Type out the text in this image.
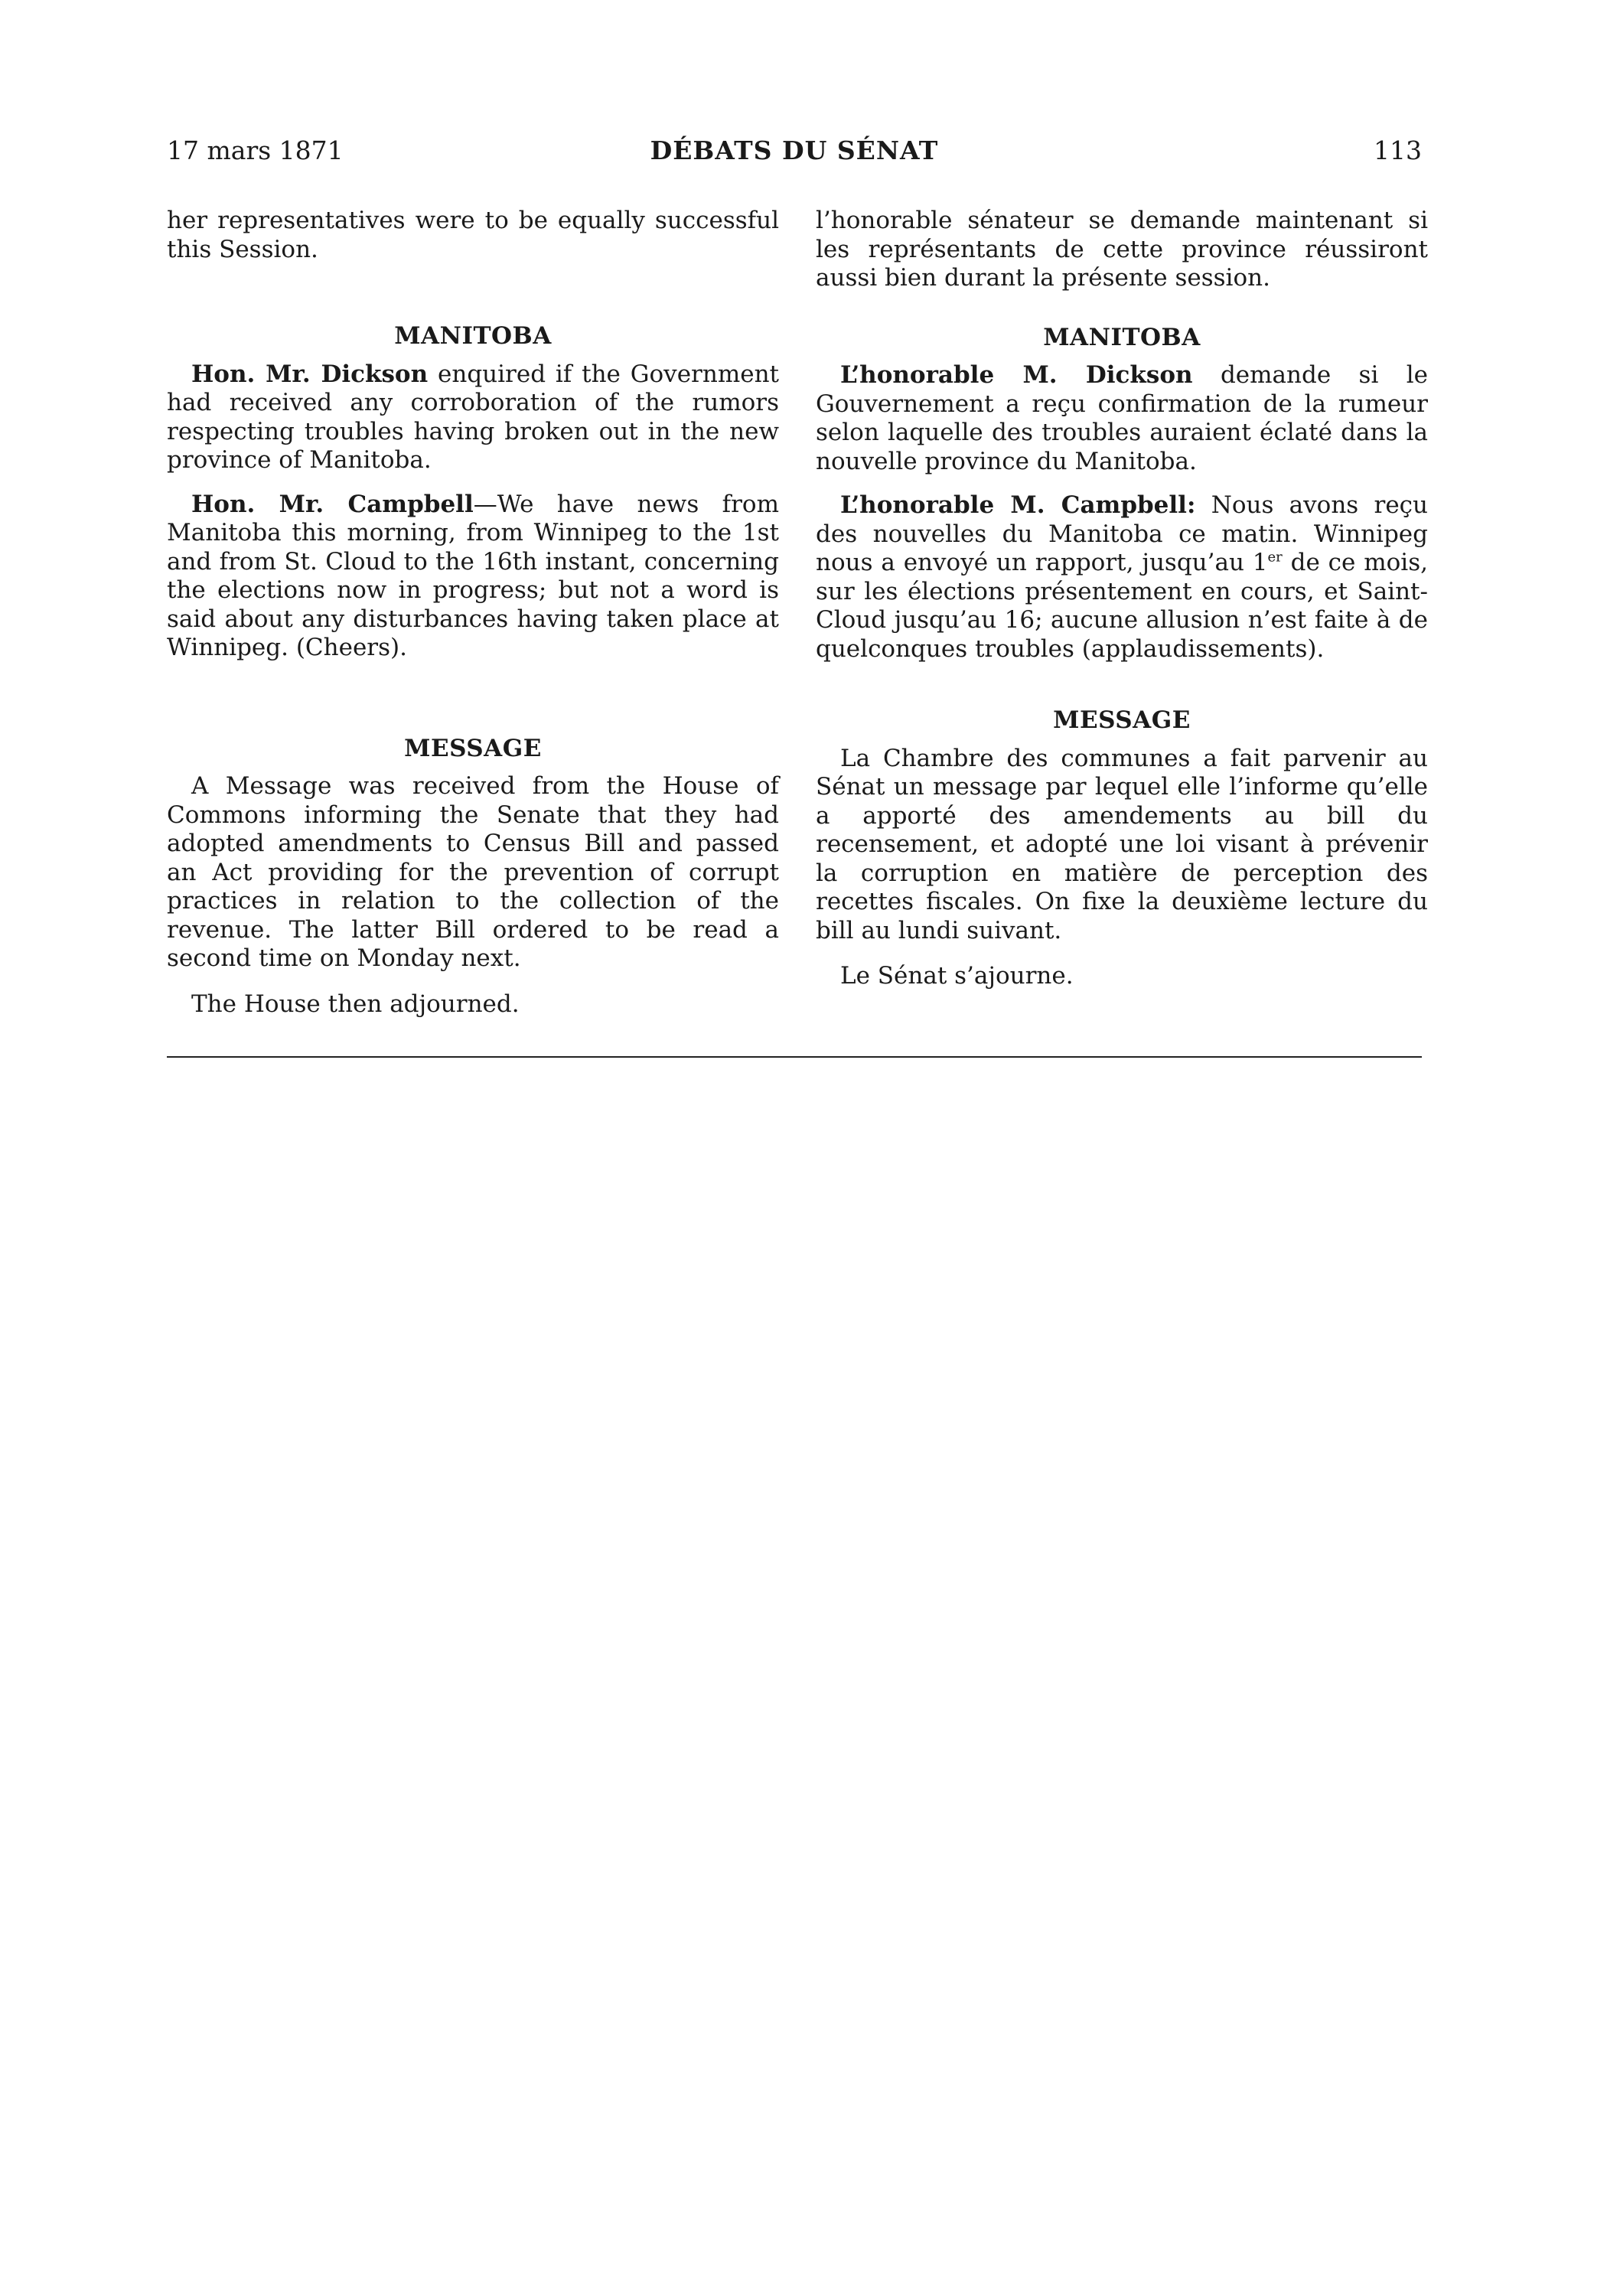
17 mars 1871	DÉBATS DU SÉNAT	113

her representatives were to be equally successful this Session.

MANITOBA

Hon. Mr. Dickson enquired if the Government had received any corroboration of the rumors respecting troubles having broken out in the new province of Manitoba.

Hon. Mr. Campbell—We have news from Manitoba this morning, from Winnipeg to the 1st and from St. Cloud to the 16th instant, concerning the elections now in progress; but not a word is said about any disturbances having taken place at Winnipeg. (Cheers).

MESSAGE

A Message was received from the House of Commons informing the Senate that they had adopted amendments to Census Bill and passed an Act providing for the prevention of corrupt practices in relation to the collection of the revenue. The latter Bill ordered to be read a second time on Monday next.

The House then adjourned.

l’honorable sénateur se demande maintenant si les représentants de cette province réussiront aussi bien durant la présente session.

MANITOBA

L’honorable M. Dickson demande si le Gouvernement a reçu confirmation de la rumeur selon laquelle des troubles auraient éclaté dans la nouvelle province du Manitoba.

L’honorable M. Campbell: Nous avons reçu des nouvelles du Manitoba ce matin. Winnipeg nous a envoyé un rapport, jusqu’au 1er de ce mois, sur les élections présentement en cours, et Saint-Cloud jusqu’au 16; aucune allusion n’est faite à de quelconques troubles (applaudissements).

MESSAGE

La Chambre des communes a fait parvenir au Sénat un message par lequel elle l’informe qu’elle a apporté des amendements au bill du recensement, et adopté une loi visant à prévenir la corruption en matière de perception des recettes fiscales. On fixe la deuxième lecture du bill au lundi suivant.

Le Sénat s’ajourne.
